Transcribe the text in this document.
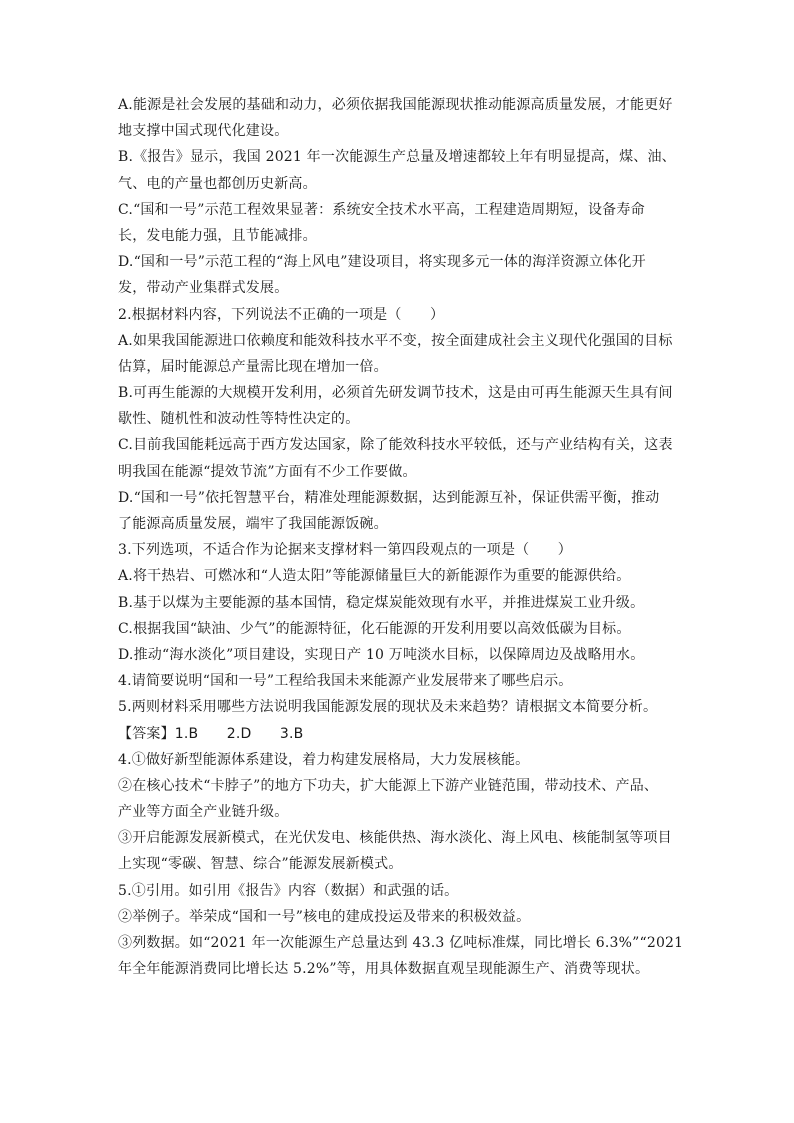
A.能源是社会发展的基础和动力，必须依据我国能源现状推动能源高质量发展，才能更好
地支撑中国式现代化建设。
B.《报告》显示，我国 2021 年一次能源生产总量及增速都较上年有明显提高，煤、油、
气、电的产量也都创历史新高。
C.“国和一号”示范工程效果显著：系统安全技术水平高，工程建造周期短，设备寿命
长，发电能力强，且节能减排。
D.“国和一号”示范工程的“海上风电”建设项目，将实现多元一体的海洋资源立体化开
发，带动产业集群式发展。
2.根据材料内容，下列说法不正确的一项是（　　）
A.如果我国能源进口依赖度和能效科技水平不变，按全面建成社会主义现代化强国的目标
估算，届时能源总产量需比现在增加一倍。
B.可再生能源的大规模开发利用，必须首先研发调节技术，这是由可再生能源天生具有间
歇性、随机性和波动性等特性决定的。
C.目前我国能耗远高于西方发达国家，除了能效科技水平较低，还与产业结构有关，这表
明我国在能源“提效节流”方面有不少工作要做。
D.“国和一号”依托智慧平台，精准处理能源数据，达到能源互补，保证供需平衡，推动
了能源高质量发展，端牢了我国能源饭碗。
3.下列选项，不适合作为论据来支撑材料一第四段观点的一项是（　　）
A.将干热岩、可燃冰和“人造太阳”等能源储量巨大的新能源作为重要的能源供给。
B.基于以煤为主要能源的基本国情，稳定煤炭能效现有水平，并推进煤炭工业升级。
C.根据我国“缺油、少气”的能源特征，化石能源的开发利用要以高效低碳为目标。
D.推动“海水淡化”项目建设，实现日产 10 万吨淡水目标，以保障周边及战略用水。
4.请简要说明“国和一号”工程给我国未来能源产业发展带来了哪些启示。
5.两则材料采用哪些方法说明我国能源发展的现状及未来趋势？请根据文本简要分析。
【答案】1.B　　2.D　　3.B
4.①做好新型能源体系建设，着力构建发展格局，大力发展核能。
②在核心技术“卡脖子”的地方下功夫，扩大能源上下游产业链范围，带动技术、产品、
产业等方面全产业链升级。
③开启能源发展新模式，在光伏发电、核能供热、海水淡化、海上风电、核能制氢等项目
上实现“零碳、智慧、综合”能源发展新模式。
5.①引用。如引用《报告》内容（数据）和武强的话。
②举例子。举荣成“国和一号”核电的建成投运及带来的积极效益。
③列数据。如“2021 年一次能源生产总量达到 43.3 亿吨标准煤，同比增长 6.3%”“2021
年全年能源消费同比增长达 5.2%”等，用具体数据直观呈现能源生产、消费等现状。
